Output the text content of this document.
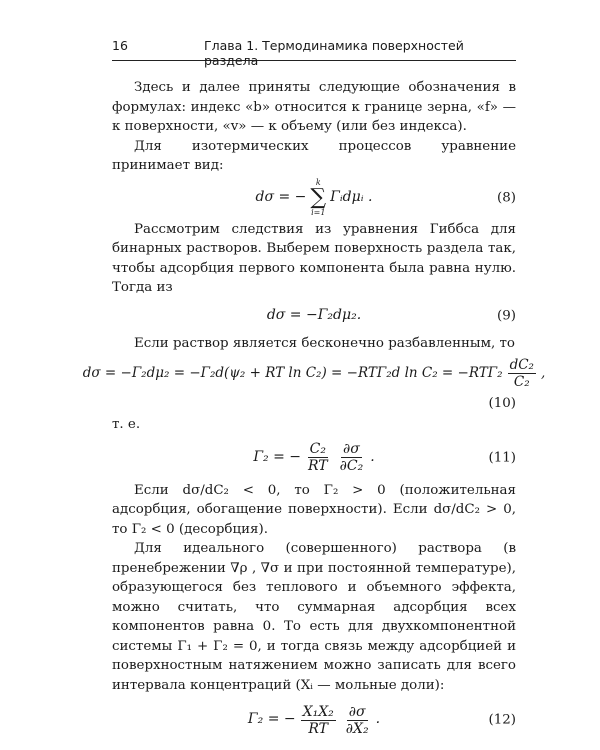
16	Глава 1. Термодинамика поверхностей раздела

Здесь и далее приняты следующие обозначения в формулах: индекс «b» относится к границе зерна, «f» — к поверхности, «v» — к объему (или без индекса).

Для изотермических процессов уравнение принимает вид:

dσ = −
k
∑
i=1
Γᵢdμᵢ .	(8)

Рассмотрим следствия из уравнения Гиббса для бинарных растворов. Выберем поверхность раздела так, чтобы адсорбция первого компонента была равна нулю. Тогда из

dσ = −Γ₂dμ₂.	(9)

Если раствор является бесконечно разбавленным, то

dσ = −Γ₂dμ₂ = −Γ₂d(ψ₂ + RT ln C₂) = −RTΓ₂d $\ln C_2 = -RT\Gamma_2 \frac{\text{dC₂}}{\text{C₂}}$ ,
(10)

т. е.

Γ₂ = − $\frac{\text{C₂}}{RT} \frac{\partial\sigma}{\text{∂C₂}}$ .	(11)

Если dσ/dC₂ < 0, то Γ₂ > 0 (положительная адсорбция, обогащение поверхности). Если dσ/dC₂ > 0, то Γ₂ < 0 (десорбция).

Для идеального (совершенного) раствора (в пренебрежении ∇ρ , ∇σ и при постоянной температуре), образующегося без теплового и объемного эффекта, можно считать, что суммарная адсорбция всех компонентов равна 0. То есть для двухкомпонентной системы Γ₁ + Γ₂ = 0, и тогда связь между адсорбцией и поверхностным натяжением можно записать для всего интервала концентраций (Xᵢ — мольные доли):

Γ₂ = − $\frac{\text{X₁X₂}}{RT} \frac{\partial\sigma}{\text{∂X₂}}$ .	(12)
